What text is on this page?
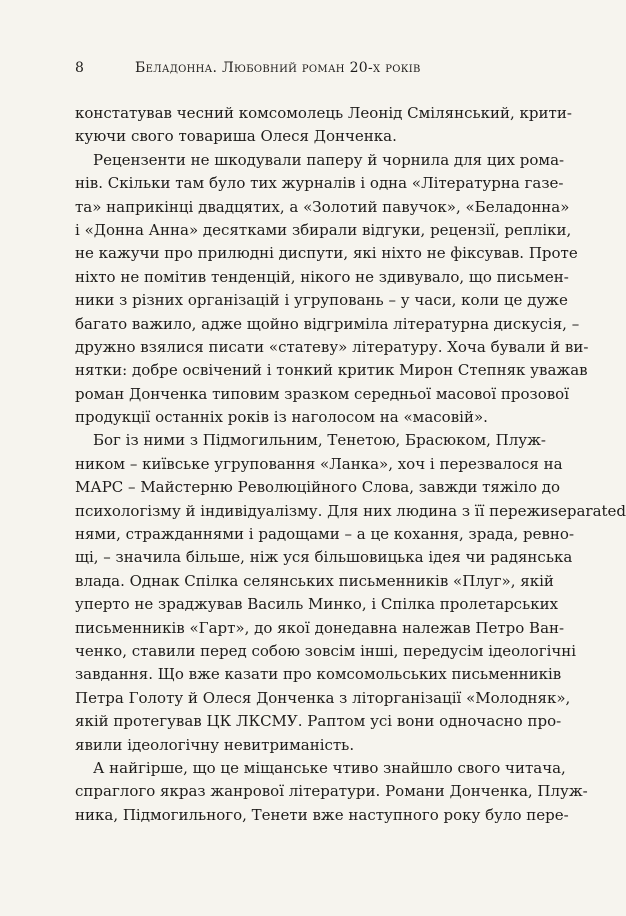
8	Беладонна. Любовний роман 20-х років
констатував чесний комсомолець Леонід Смілянський, крити-
куючи свого товариша Олеся Донченка.
Рецензенти не шкодували паперу й чорнила для цих рома-
нів. Скільки там було тих журналів і одна «Літературна газе-
та» наприкінці двадцятих, а «Золотий павучок», «Беладонна»
і «Донна Анна» десятками збирали відгуки, рецензії, репліки,
не кажучи про прилюдні диспути, які ніхто не фіксував. Проте
ніхто не помітив тенденцій, нікого не здивувало, що письмен-
ники з різних організацій і угруповань – у часи, коли це дуже
багато важило, адже щойно відгриміла літературна дискусія, –
дружно взялися писати «статеву» літературу. Хоча бували й ви-
нятки: добре освічений і тонкий критик Мирон Степняк уважав
роман Донченка типовим зразком середньої масової прозової
продукції останніх років із наголосом на «масовій».
Бог із ними з Підмогильним, Тенетою, Брасюком, Плуж-
ником – київське угруповання «Ланка», хоч і перезвалося на
МАРС – Майстерню Революційного Слова, завжди тяжіло до
психологізму й індивідуалізму. Для них людина з її пережиseparated
нями, стражданнями і радощами – а це кохання, зрада, ревно-
щі, – значила більше, ніж уся більшовицька ідея чи радянська
влада. Однак Спілка селянських письменників «Плуг», якій
уперто не зраджував Василь Минко, і Спілка пролетарських
письменників «Гарт», до якої донедавна належав Петро Ван-
ченко, ставили перед собою зовсім інші, передусім ідеологічні
завдання. Що вже казати про комсомольських письменників
Петра Голоту й Олеся Донченка з літорганізації «Молодняк»,
якій протегував ЦК ЛКСМУ. Раптом усі вони одночасно про-
явили ідеологічну невитриманість.
А найгірше, що це міщанське чтиво знайшло свого читача,
спраглого якраз жанрової літератури. Романи Донченка, Плуж-
ника, Підмогильного, Тенети вже наступного року було пере-
